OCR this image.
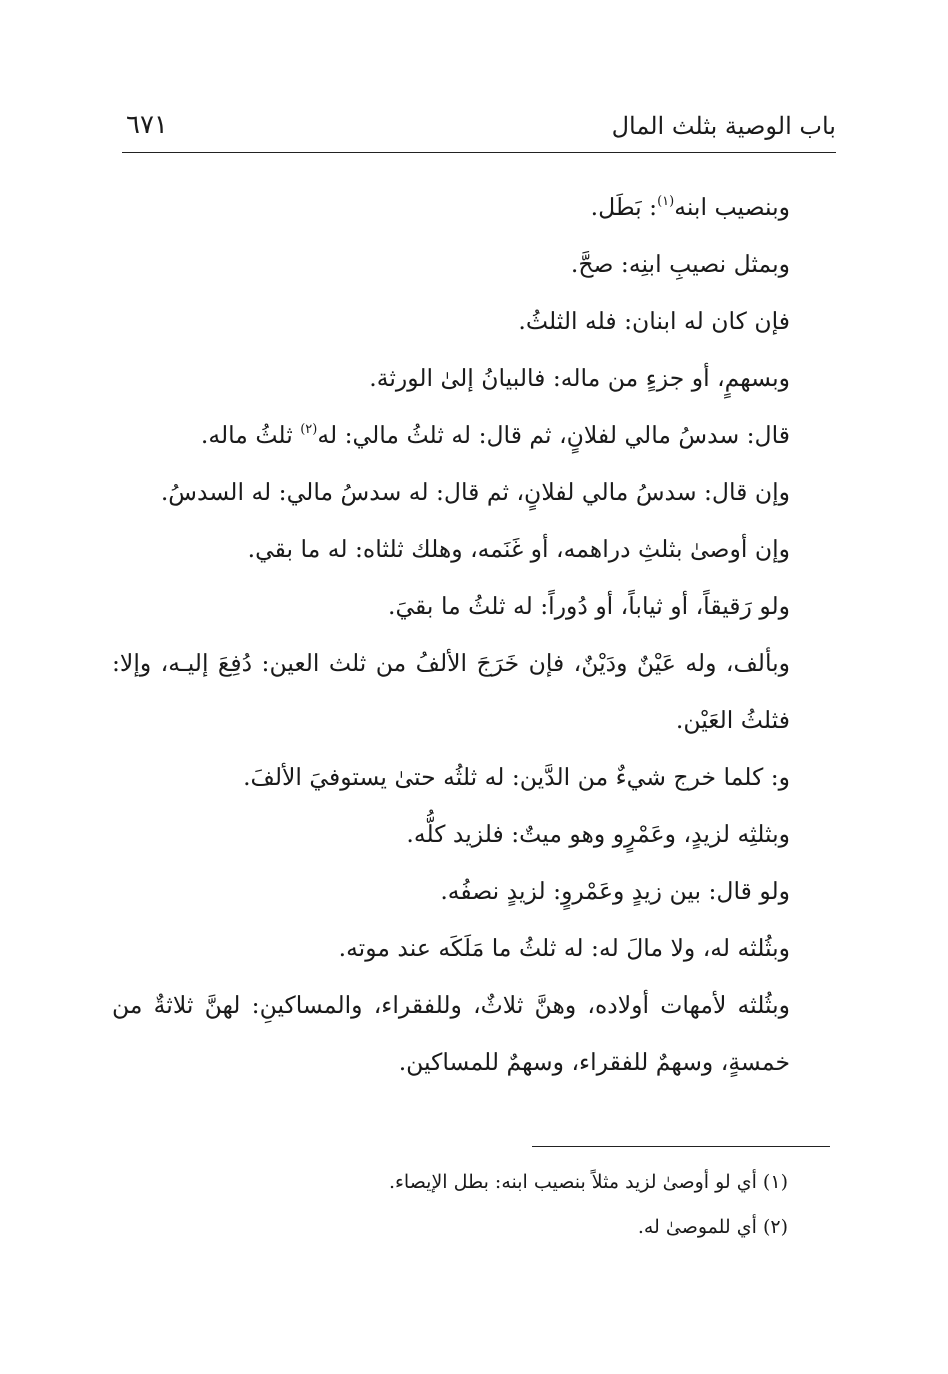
باب الوصية بثلث المال
٦٧١

وبنصيب ابنه$^{(١)}$: بَطَل.

وبمثل نصيبِ ابنِه: صحَّ.

فإن كان له ابنان: فله الثلثُ.

وبسهمٍ، أو جزءٍ من ماله: فالبيانُ إلىٰ الورثة.

قال: سدسُ مالي لفلانٍ، ثم قال: له ثلثُ مالي: له$^{(٢)}$ ثلثُ ماله.

وإن قال: سدسُ مالي لفلانٍ، ثم قال: له سدسُ مالي: له السدسُ.

وإن أوصىٰ بثلثِ دراهمه، أو غَنَمه، وهلك ثلثاه: له ما بقي.

ولو رَقيقاً، أو ثياباً، أو دُوراً: له ثلثُ ما بقيَ.

وبألف، وله عَيْنٌ ودَيْنٌ، فإن خَرَجَ الألفُ من ثلث العين: دُفِعَ إليـه، وإلا: فثلثُ العَيْن.

و: كلما خرج شيءٌ من الدَّين: له ثلثُه حتىٰ يستوفيَ الألفَ.

وبثلثِه لزيدٍ، وعَمْرٍو وهو ميتٌ: فلزيد كلُّه.

ولو قال: بين زيدٍ وعَمْروٍ: لزيدٍ نصفُه.

وبثُلثه له، ولا مالَ له: له ثلثُ ما مَلَكَه عند موته.

وبثُلثه لأمهات أولاده، وهنَّ ثلاثٌ، وللفقراء، والمساكينِ: لهنَّ ثلاثةٌ من خمسةٍ، وسهمٌ للفقراء، وسهمٌ للمساكين.

(١) أي لو أوصىٰ لزيد مثلاً بنصيب ابنه: بطل الإيصاء.

(٢) أي للموصىٰ له.
